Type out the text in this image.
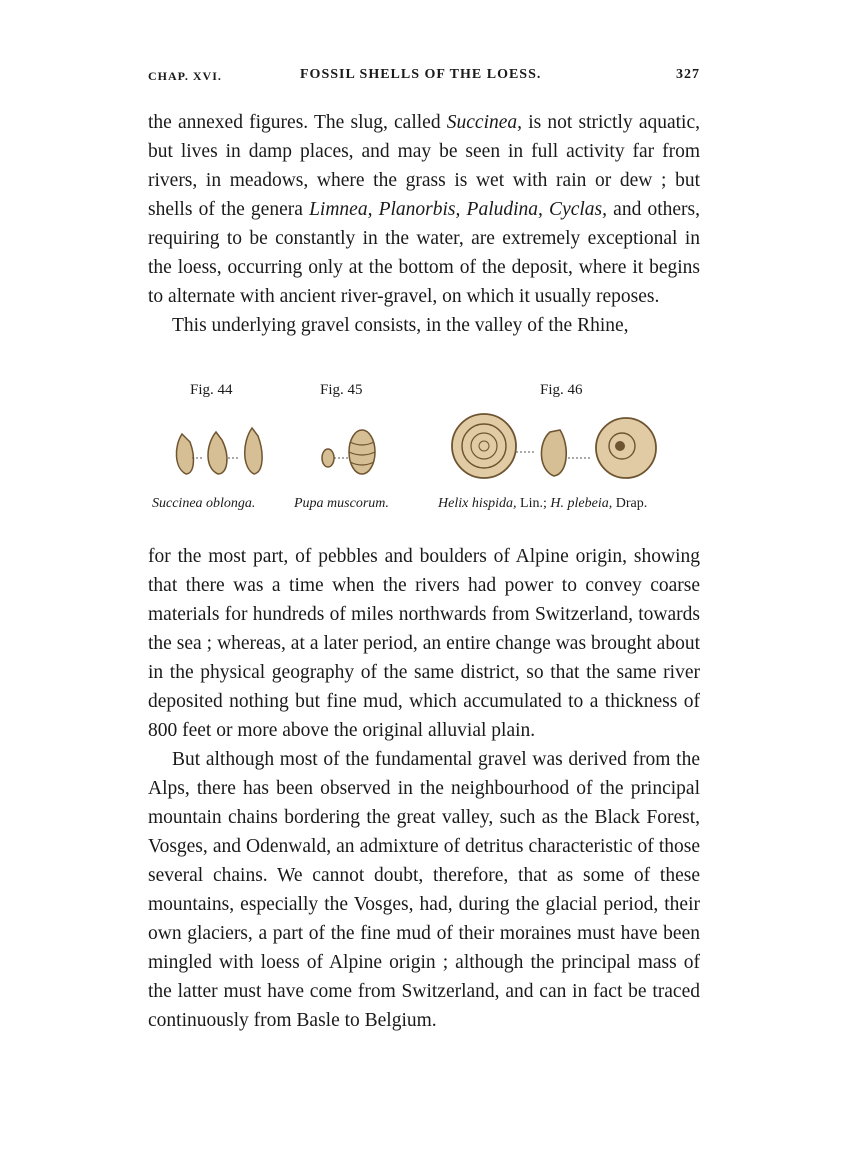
CHAP. XVI.	FOSSIL SHELLS OF THE LOESS.	327

the annexed figures. The slug, called Succinea, is not strictly aquatic, but lives in damp places, and may be seen in full activity far from rivers, in meadows, where the grass is wet with rain or dew ; but shells of the genera Limnea, Planorbis, Paludina, Cyclas, and others, requiring to be constantly in the water, are extremely exceptional in the loess, occurring only at the bottom of the deposit, where it begins to alternate with ancient river-gravel, on which it usually reposes.

This underlying gravel consists, in the valley of the Rhine,

Fig. 44	Fig. 45	Fig. 46
Succinea oblonga.	Pupa muscorum.	Helix hispida, Lin.; H. plebeia, Drap.

for the most part, of pebbles and boulders of Alpine origin, showing that there was a time when the rivers had power to convey coarse materials for hundreds of miles northwards from Switzerland, towards the sea ; whereas, at a later period, an entire change was brought about in the physical geography of the same district, so that the same river deposited nothing but fine mud, which accumulated to a thickness of 800 feet or more above the original alluvial plain.

But although most of the fundamental gravel was derived from the Alps, there has been observed in the neighbourhood of the principal mountain chains bordering the great valley, such as the Black Forest, Vosges, and Odenwald, an admixture of detritus characteristic of those several chains. We cannot doubt, therefore, that as some of these mountains, especially the Vosges, had, during the glacial period, their own glaciers, a part of the fine mud of their moraines must have been mingled with loess of Alpine origin ; although the principal mass of the latter must have come from Switzerland, and can in fact be traced continuously from Basle to Belgium.
